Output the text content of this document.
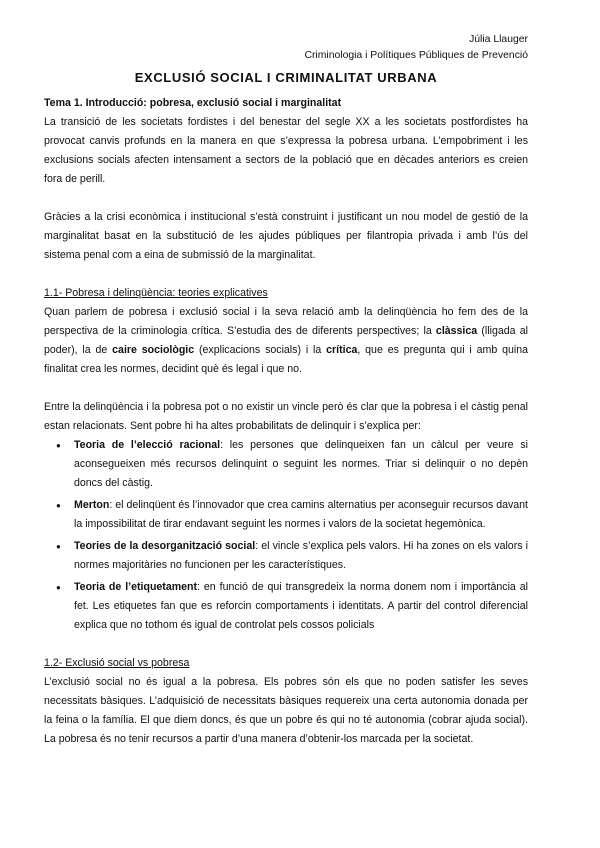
Júlia Llauger
Criminologia i Polítiques Públiques de Prevenció
EXCLUSIÓ SOCIAL I CRIMINALITAT URBANA

Tema 1. Introducció: pobresa, exclusió social i marginalitat

La transició de les societats fordistes i del benestar del segle XX a les societats postfordistes ha provocat canvis profunds en la manera en que s’expressa la pobresa urbana. L’empobriment i les exclusions socials afecten intensament a sectors de la població que en dècades anteriors es creien fora de perill.

Gràcies a la crisi econòmica i institucional s’està construint i justificant un nou model de gestió de la marginalitat basat en la substitució de les ajudes públiques per filantropia privada i amb l’ús del sistema penal com a eina de submissió de la marginalitat.

1.1- Pobresa i delinqüència: teories explicatives

Quan parlem de pobresa i exclusió social i la seva relació amb la delinqüència ho fem des de la perspectiva de la criminologia crítica. S’estudia des de diferents perspectives; la clàssica (lligada al poder), la de caire sociològic (explicacions socials) i la crítica, que es pregunta qui i amb quina finalitat crea les normes, decidint què és legal i que no.

Entre la delinqüència i la pobresa pot o no existir un vincle però és clar que la pobresa i el càstig penal estan relacionats. Sent pobre hi ha altes probabilitats de delinquir i s’explica per:

● Teoria de l’elecció racional: les persones que delinqueixen fan un càlcul per veure si aconsegueixen més recursos delinquint o seguint les normes. Triar si delinquir o no depèn doncs del càstig.
● Merton: el delinqüent és l’innovador que crea camins alternatius per aconseguir recursos davant la impossibilitat de tirar endavant seguint les normes i valors de la societat hegemònica.
● Teories de la desorganització social: el vincle s’explica pels valors. Hi ha zones on els valors i normes majoritàries no funcionen per les característiques.
● Teoria de l’etiquetament: en funció de qui transgredeix la norma donem nom i importància al fet. Les etiquetes fan que es reforcin comportaments i identitats. A partir del control diferencial explica que no tothom és igual de controlat pels cossos policials

1.2- Exclusió social vs pobresa

L’exclusió social no és igual a la pobresa. Els pobres són els que no poden satisfer les seves necessitats bàsiques. L’adquisició de necessitats bàsiques requereix una certa autonomia donada per la feina o la família. El que diem doncs, és que un pobre és qui no té autonomia (cobrar ajuda social). La pobresa és no tenir recursos a partir d’una manera d’obtenir-los marcada per la societat.
